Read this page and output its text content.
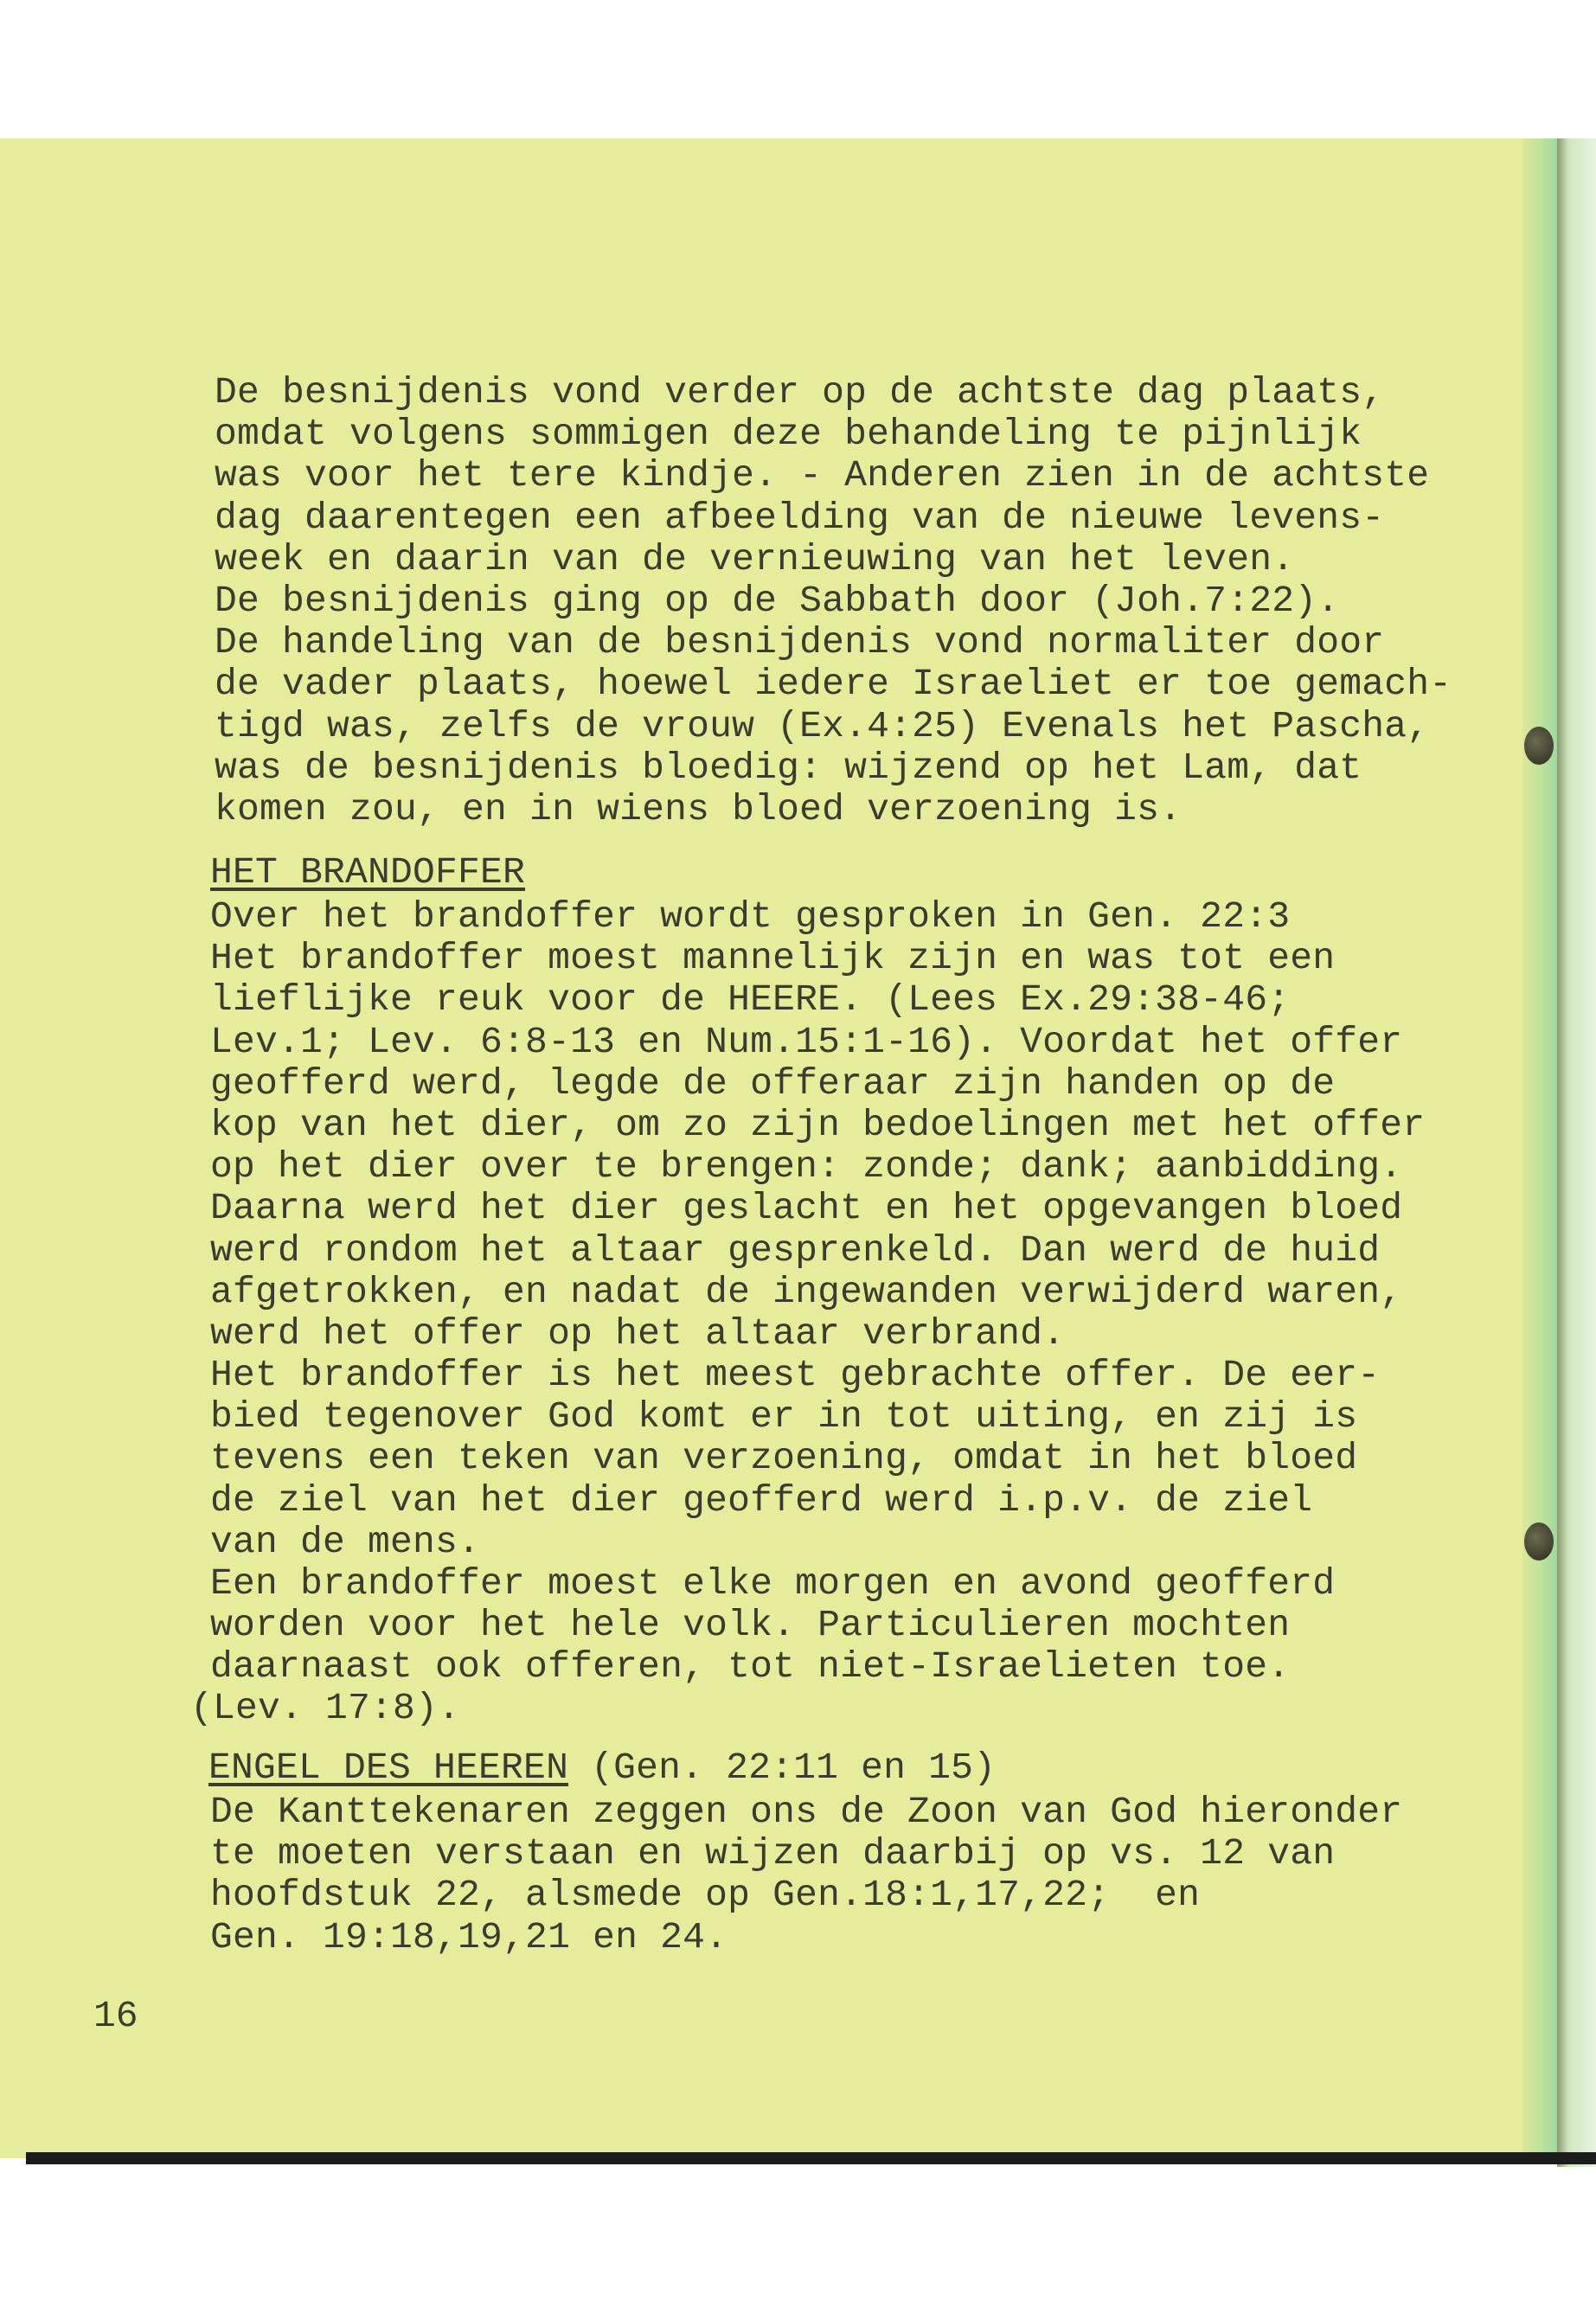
De besnijdenis vond verder op de achtste dag plaats,
omdat volgens sommigen deze behandeling te pijnlijk
was voor het tere kindje. - Anderen zien in de achtste
dag daarentegen een afbeelding van de nieuwe levens-
week en daarin van de vernieuwing van het leven.
De besnijdenis ging op de Sabbath door (Joh.7:22).
De handeling van de besnijdenis vond normaliter door
de vader plaats, hoewel iedere Israeliet er toe gemach-
tigd was, zelfs de vrouw (Ex.4:25) Evenals het Pascha,
was de besnijdenis bloedig: wijzend op het Lam, dat
komen zou, en in wiens bloed verzoening is.
HET BRANDOFFER
Over het brandoffer wordt gesproken in Gen. 22:3
Het brandoffer moest mannelijk zijn en was tot een
lieflijke reuk voor de HEERE. (Lees Ex.29:38-46;
Lev.1; Lev. 6:8-13 en Num.15:1-16). Voordat het offer
geofferd werd, legde de offeraar zijn handen op de
kop van het dier, om zo zijn bedoelingen met het offer
op het dier over te brengen: zonde; dank; aanbidding.
Daarna werd het dier geslacht en het opgevangen bloed
werd rondom het altaar gesprenkeld. Dan werd de huid
afgetrokken, en nadat de ingewanden verwijderd waren,
werd het offer op het altaar verbrand.
Het brandoffer is het meest gebrachte offer. De eer-
bied tegenover God komt er in tot uiting, en zij is
tevens een teken van verzoening, omdat in het bloed
de ziel van het dier geofferd werd i.p.v. de ziel
van de mens.
Een brandoffer moest elke morgen en avond geofferd
worden voor het hele volk. Particulieren mochten
daarnaast ook offeren, tot niet-Israelieten toe.
(Lev. 17:8).
ENGEL DES HEEREN (Gen. 22:11 en 15)
De Kanttekenaren zeggen ons de Zoon van God hieronder
te moeten verstaan en wijzen daarbij op vs. 12 van
hoofdstuk 22, alsmede op Gen.18:1,17,22;  en
Gen. 19:18,19,21 en 24.
16
